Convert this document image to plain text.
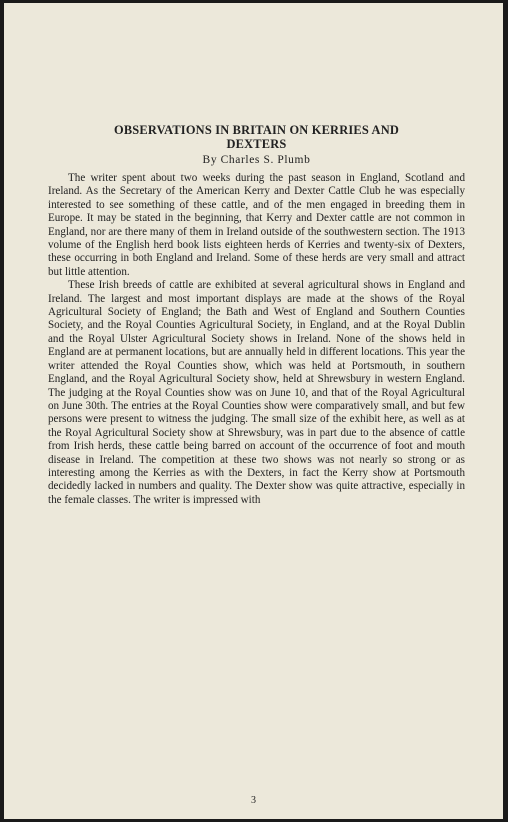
OBSERVATIONS IN BRITAIN ON KERRIES AND DEXTERS
By Charles S. Plumb

The writer spent about two weeks during the past season in England, Scotland and Ireland. As the Secretary of the American Kerry and Dexter Cattle Club he was especially interested to see something of these cattle, and of the men engaged in breeding them in Europe. It may be stated in the beginning, that Kerry and Dexter cattle are not common in England, nor are there many of them in Ireland outside of the southwestern section. The 1913 volume of the English herd book lists eighteen herds of Kerries and twenty-six of Dexters, these occurring in both England and Ireland. Some of these herds are very small and attract but little attention.

These Irish breeds of cattle are exhibited at several agricultural shows in England and Ireland. The largest and most important displays are made at the shows of the Royal Agricultural Society of England; the Bath and West of England and Southern Counties Society, and the Royal Counties Agricultural Society, in England, and at the Royal Dublin and the Royal Ulster Agricultural Society shows in Ireland. None of the shows held in England are at permanent locations, but are annually held in different locations. This year the writer attended the Royal Counties show, which was held at Portsmouth, in southern England, and the Royal Agricultural Society show, held at Shrewsbury in western England. The judging at the Royal Counties show was on June 10, and that of the Royal Agricultural on June 30th. The entries at the Royal Counties show were comparatively small, and but few persons were present to witness the judging. The small size of the exhibit here, as well as at the Royal Agricultural Society show at Shrewsbury, was in part due to the absence of cattle from Irish herds, these cattle being barred on account of the occurrence of foot and mouth disease in Ireland. The competition at these two shows was not nearly so strong or as interesting among the Kerries as with the Dexters, in fact the Kerry show at Portsmouth decidedly lacked in numbers and quality. The Dexter show was quite attractive, especially in the female classes. The writer is impressed with

3
